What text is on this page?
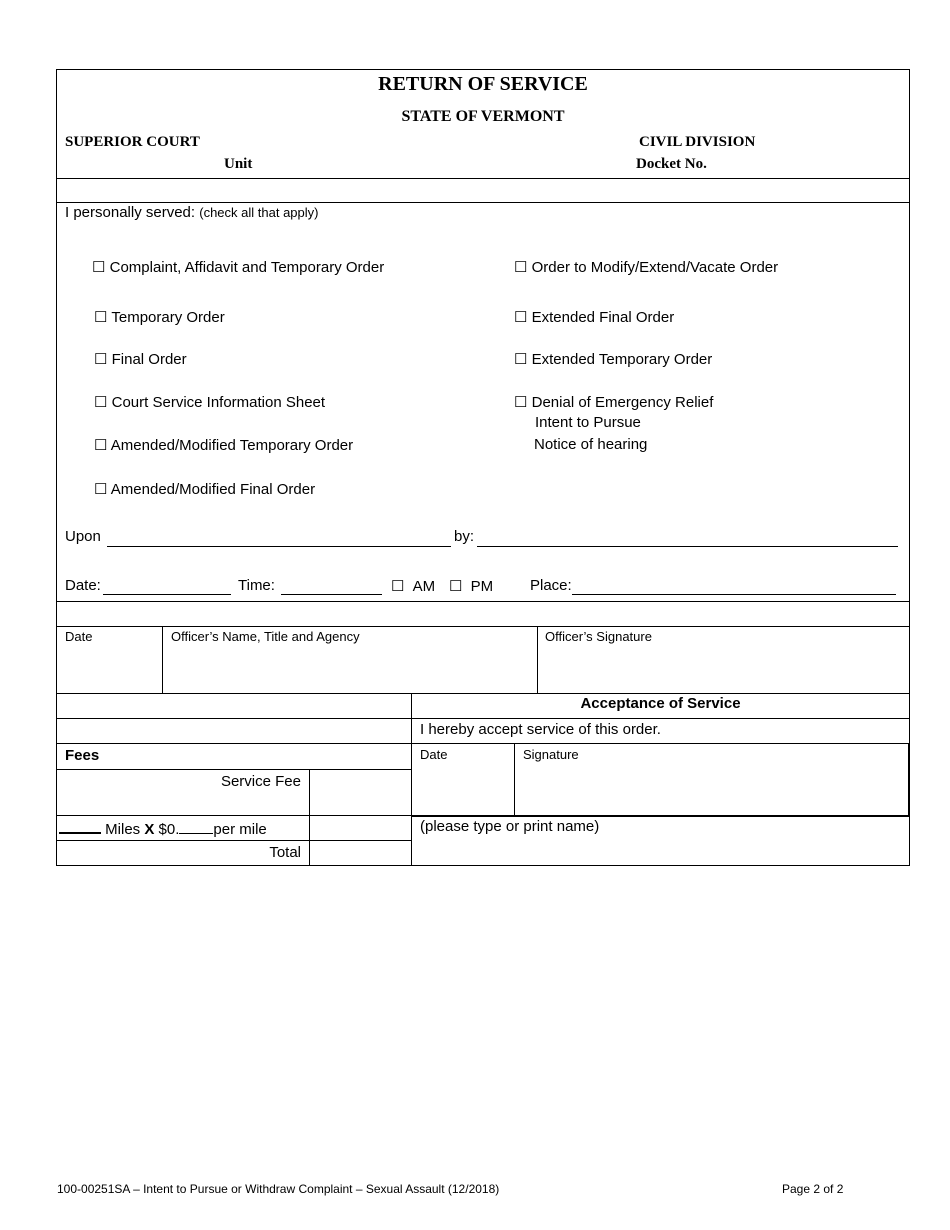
RETURN OF SERVICE
STATE OF VERMONT
SUPERIOR COURT	CIVIL DIVISION
Unit	Docket No.
I personally served: (check all that apply)
☐ Complaint, Affidavit and Temporary Order
☐ Temporary Order
☐ Final Order
☐ Court Service Information Sheet
☐ Amended/Modified Temporary Order
☐ Amended/Modified Final Order
☐ Order to Modify/Extend/Vacate Order
☐ Extended Final Order
☐ Extended Temporary Order
☐ Denial of Emergency Relief
Intent to Pursue
Notice of hearing
Upon	by:
Date:	Time:	☐ AM ☐ PM Place:
Date	Officer’s Name, Title and Agency	Officer’s Signature
Acceptance of Service
I hereby accept service of this order.
Date	Signature
(please type or print name)
Fees
Service Fee
Miles X $0. per mile
Total
100-00251SA – Intent to Pursue or Withdraw Complaint – Sexual Assault (12/2018)	Page 2 of 2
